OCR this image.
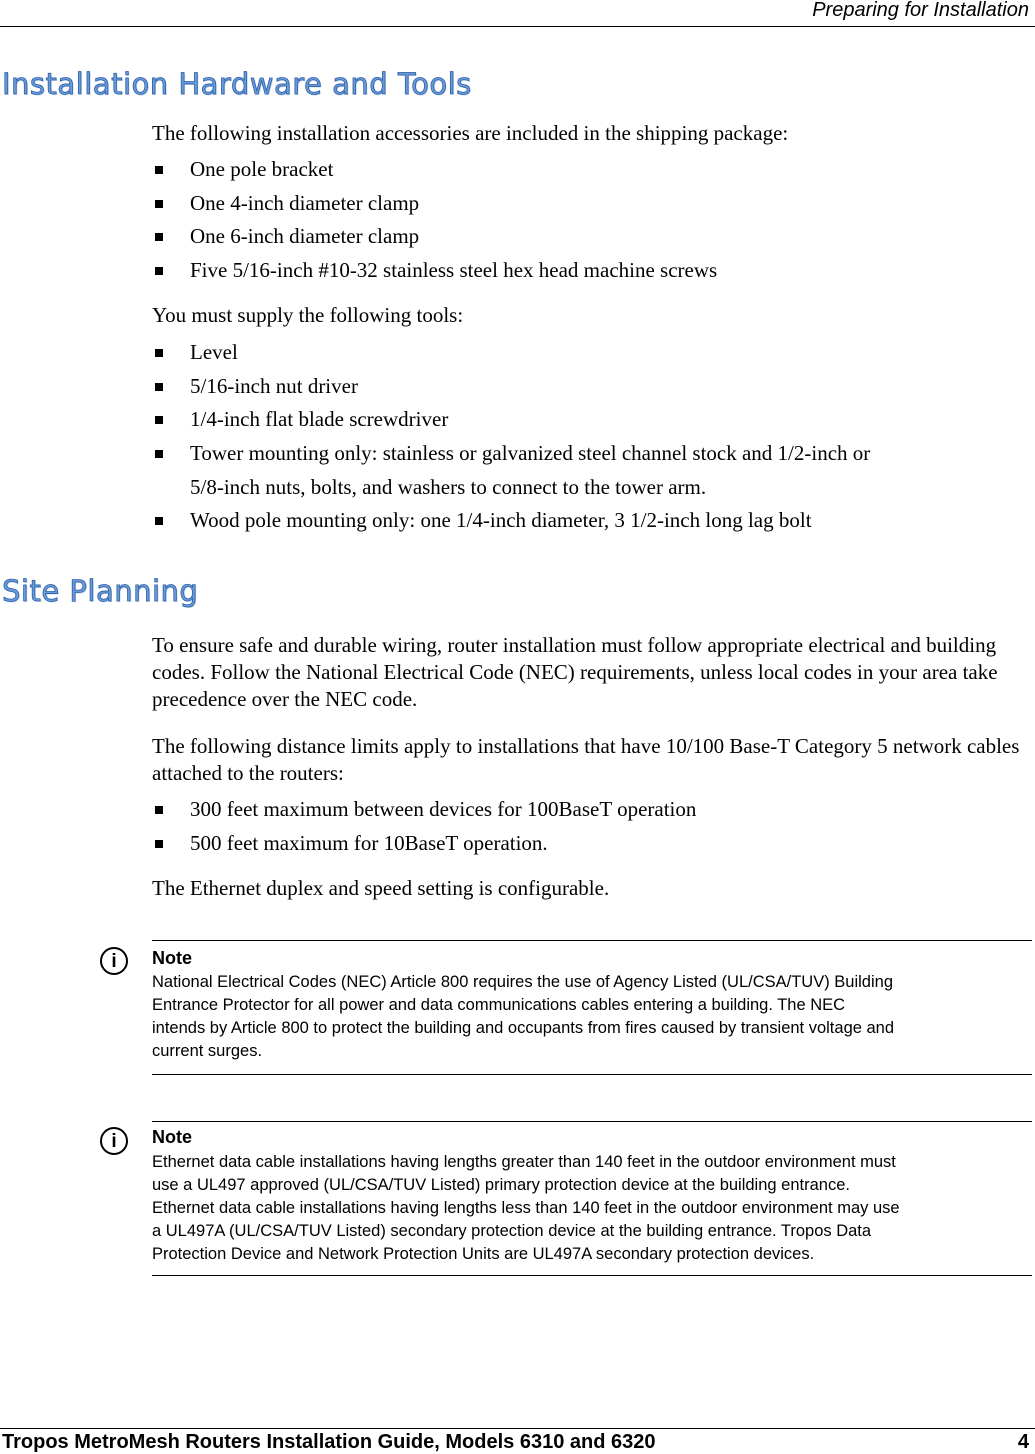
Preparing for Installation
Installation Hardware and Tools

The following installation accessories are included in the shipping package:

One pole bracket
One 4-inch diameter clamp
One 6-inch diameter clamp
Five 5/16-inch #10-32 stainless steel hex head machine screws

You must supply the following tools:

Level
5/16-inch nut driver
1/4-inch flat blade screwdriver
Tower mounting only: stainless or galvanized steel channel stock and 1/2-inch or
5/8-inch nuts, bolts, and washers to connect to the tower arm.
Wood pole mounting only: one 1/4-inch diameter, 3 1/2-inch long lag bolt
Site Planning

To ensure safe and durable wiring, router installation must follow appropriate electrical and building codes. Follow the National Electrical Code (NEC) requirements, unless local codes in your area take precedence over the NEC code.

The following distance limits apply to installations that have 10/100 Base-T Category 5 network cables attached to the routers:

300 feet maximum between devices for 100BaseT operation
500 feet maximum for 10BaseT operation.

The Ethernet duplex and speed setting is configurable.

i	Note
National Electrical Codes (NEC) Article 800 requires the use of Agency Listed (UL/CSA/TUV) Building
Entrance Protector for all power and data communications cables entering a building. The NEC
intends by Article 800 to protect the building and occupants from fires caused by transient voltage and
current surges.
i	Note
Ethernet data cable installations having lengths greater than 140 feet in the outdoor environment must
use a UL497 approved (UL/CSA/TUV Listed) primary protection device at the building entrance.
Ethernet data cable installations having lengths less than 140 feet in the outdoor environment may use
a UL497A (UL/CSA/TUV Listed) secondary protection device at the building entrance. Tropos Data
Protection Device and Network Protection Units are UL497A secondary protection devices.
Tropos MetroMesh Routers Installation Guide, Models 6310 and 6320	4
